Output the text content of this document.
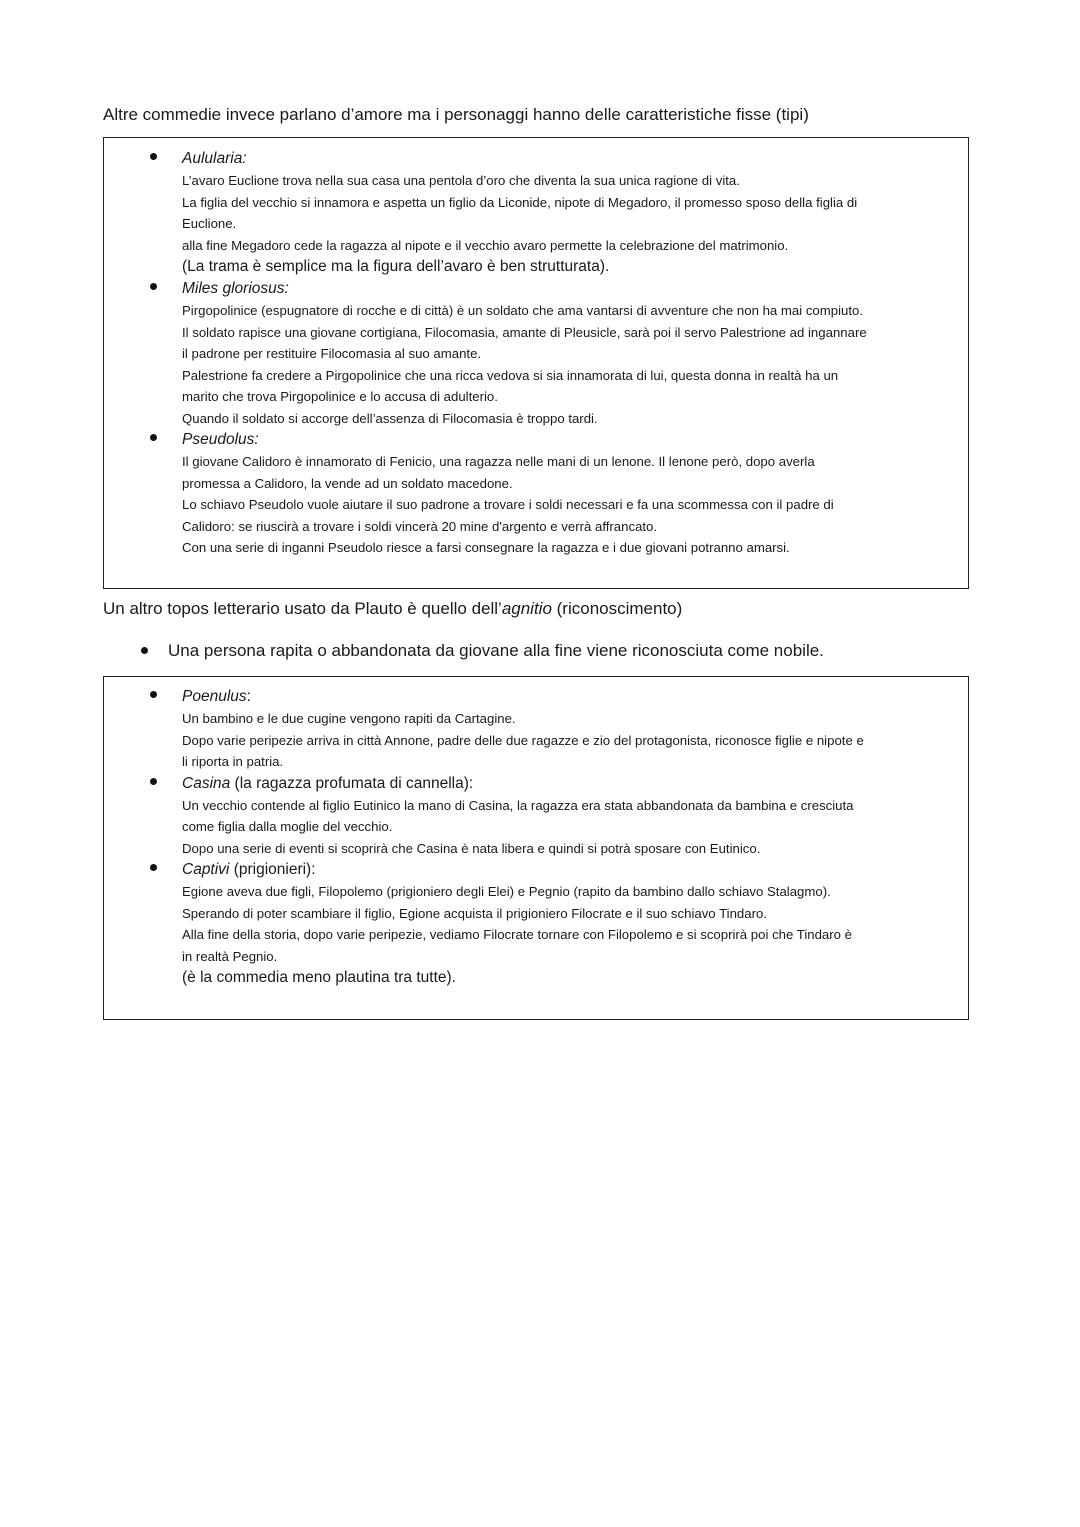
Altre commedie invece parlano d’amore ma i personaggi hanno delle caratteristiche fisse (tipi)
Aulularia:
L’avaro Euclione trova nella sua casa una pentola d’oro che diventa la sua unica ragione di vita.
La figlia del vecchio si innamora e aspetta un figlio da Liconide, nipote di Megadoro, il promesso sposo della figlia di
Euclione.
alla fine Megadoro cede la ragazza al nipote e il vecchio avaro permette la celebrazione del matrimonio.
(La trama è semplice ma la figura dell’avaro è ben strutturata).
Miles gloriosus:
Pirgopolinice (espugnatore di rocche e di città) è un soldato che ama vantarsi di avventure che non ha mai compiuto.
Il soldato rapisce una giovane cortigiana, Filocomasia, amante di Pleusicle, sarà poi il servo Palestrione ad ingannare
il padrone per restituire Filocomasia al suo amante.
Palestrione fa credere a Pirgopolinice che una ricca vedova si sia innamorata di lui, questa donna in realtà ha un
marito che trova Pirgopolinice e lo accusa di adulterio.
Quando il soldato si accorge dell’assenza di Filocomasia è troppo tardi.
Pseudolus:
Il giovane Calidoro è innamorato di Fenicio, una ragazza nelle mani di un lenone. Il lenone però, dopo averla
promessa a Calidoro, la vende ad un soldato macedone.
Lo schiavo Pseudolo vuole aiutare il suo padrone a trovare i soldi necessari e fa una scommessa con il padre di
Calidoro: se riuscirà a trovare i soldi vincerà 20 mine d'argento e verrà affrancato.
Con una serie di inganni Pseudolo riesce a farsi consegnare la ragazza e i due giovani potranno amarsi.
Un altro topos letterario usato da Plauto è quello dell’agnitio (riconoscimento)
Una persona rapita o abbandonata da giovane alla fine viene riconosciuta come nobile.
Poenulus:
Un bambino e le due cugine vengono rapiti da Cartagine.
Dopo varie peripezie arriva in città Annone, padre delle due ragazze e zio del protagonista, riconosce figlie e nipote e
li riporta in patria.
Casina (la ragazza profumata di cannella):
Un vecchio contende al figlio Eutinico la mano di Casina, la ragazza era stata abbandonata da bambina e cresciuta
come figlia dalla moglie del vecchio.
Dopo una serie di eventi si scoprirà che Casina è nata libera e quindi si potrà sposare con Eutinico.
Captivi (prigionieri):
Egione aveva due figli, Filopolemo (prigioniero degli Elei) e Pegnio (rapito da bambino dallo schiavo Stalagmo).
Sperando di poter scambiare il figlio, Egione acquista il prigioniero Filocrate e il suo schiavo Tindaro.
Alla fine della storia, dopo varie peripezie, vediamo Filocrate tornare con Filopolemo e si scoprirà poi che Tindaro è
in realtà Pegnio.
(è la commedia meno plautina tra tutte).
